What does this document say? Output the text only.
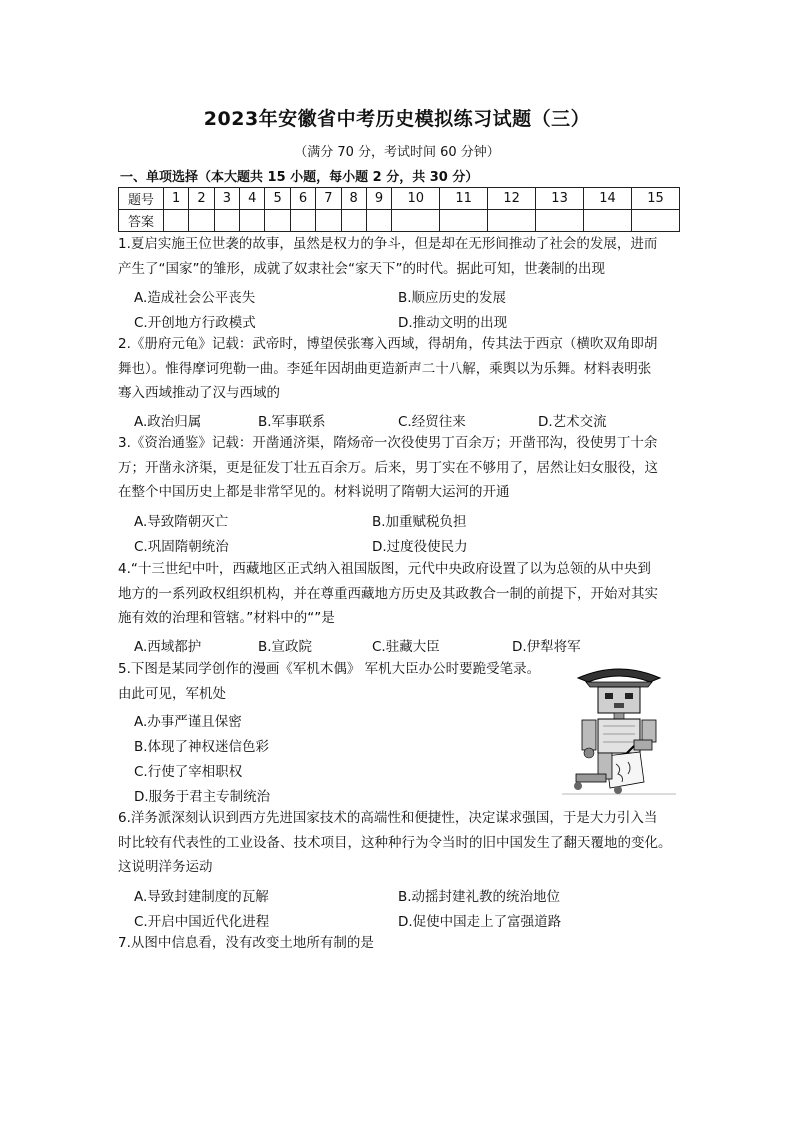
2023年安徽省中考历史模拟练习试题（三）
（满分 70 分，考试时间 60 分钟）
一、单项选择（本大题共 15 小题，每小题 2 分，共 30 分）
题号	1	2	3	4	5	6	7	8	9	10	11	12	13	14	15
答案															

1.夏启实施王位世袭的故事，虽然是权力的争斗，但是却在无形间推动了社会的发展，进而

产生了“国家”的雏形，成就了奴隶社会“家天下”的时代。据此可知，世袭制的出现

A.造成社会公平丧失	B.顺应历史的发展
C.开创地方行政模式	D.推动文明的出现

2.《册府元龟》记载：武帝时，博望侯张骞入西域，得胡角，传其法于西京（横吹双角即胡

舞也）。惟得摩诃兜勒一曲。李延年因胡曲更造新声二十八解，乘舆以为乐舞。材料表明张

骞入西域推动了汉与西域的

A.政治归属	B.军事联系	C.经贸往来	D.艺术交流

3.《资治通鉴》记载：开凿通济渠，隋炀帝一次役使男丁百余万；开凿邗沟，役使男丁十余

万；开凿永济渠，更是征发丁壮五百余万。后来，男丁实在不够用了，居然让妇女服役，这

在整个中国历史上都是非常罕见的。材料说明了隋朝大运河的开通

A.导致隋朝灭亡	B.加重赋税负担
C.巩固隋朝统治	D.过度役使民力

4.“十三世纪中叶，西藏地区正式纳入祖国版图，元代中央政府设置了以为总领的从中央到

地方的一系列政权组织机构，并在尊重西藏地方历史及其政教合一制的前提下，开始对其实

施有效的治理和管辖。”材料中的“”是

A.西域都护	B.宣政院	C.驻藏大臣	D.伊犁将军

5.下图是某同学创作的漫画《军机木偶》 军机大臣办公时要跪受笔录。

由此可见，军机处

A.办事严谨且保密
B.体现了神权迷信色彩
C.行使了宰相职权
D.服务于君主专制统治

6.洋务派深刻认识到西方先进国家技术的高端性和便捷性，决定谋求强国，于是大力引入当

时比较有代表性的工业设备、技术项目，这种种行为令当时的旧中国发生了翻天覆地的变化。

这说明洋务运动

A.导致封建制度的瓦解	B.动摇封建礼教的统治地位
C.开启中国近代化进程	D.促使中国走上了富强道路

7.从图中信息看，没有改变土地所有制的是
